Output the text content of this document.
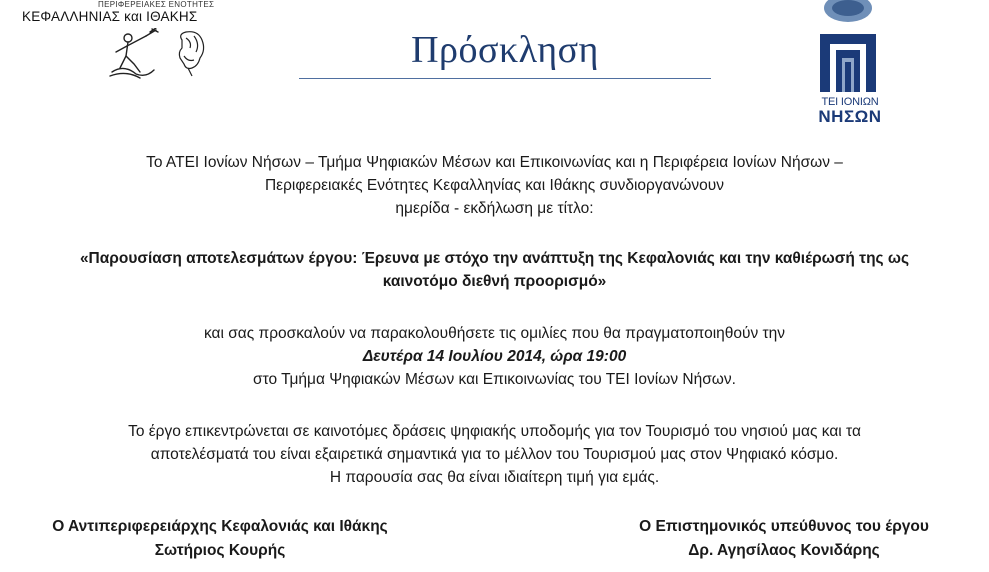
ΠΕΡΙΦΕΡΕΙΑΚΕΣ ΕΝΟΤΗΤΕΣ
ΚΕΦΑΛΛΗΝΙΑΣ και ΙΘΑΚΗΣ
Πρόσκληση
ΤΕΙ ΙΟΝΙΩΝ
ΝΗΣΩΝ
Το ΑΤΕΙ Ιονίων Νήσων – Τμήμα Ψηφιακών Μέσων και Επικοινωνίας και η Περιφέρεια Ιονίων Νήσων –
Περιφερειακές Ενότητες Κεφαλληνίας και Ιθάκης συνδιοργανώνουν
ημερίδα - εκδήλωση με τίτλο:
«Παρουσίαση αποτελεσμάτων έργου: Έρευνα με στόχο την ανάπτυξη της Κεφαλονιάς και την καθιέρωσή της ως
καινοτόμο διεθνή προορισμό»
και σας προσκαλούν να παρακολουθήσετε τις ομιλίες που θα πραγματοποιηθούν την
Δευτέρα 14 Ιουλίου 2014, ώρα 19:00
στο Τμήμα Ψηφιακών Μέσων και Επικοινωνίας του ΤΕΙ Ιονίων Νήσων.
Το έργο επικεντρώνεται σε καινοτόμες δράσεις ψηφιακής υποδομής για τον Τουρισμό του νησιού μας και τα
αποτελέσματά του είναι εξαιρετικά σημαντικά για το μέλλον του Τουρισμού μας στον Ψηφιακό κόσμο.
Η παρουσία σας θα είναι ιδιαίτερη τιμή για εμάς.
Ο Αντιπεριφερειάρχης Κεφαλονιάς και Ιθάκης
Σωτήριος Κουρής
Ο Επιστημονικός υπεύθυνος του έργου
Δρ. Αγησίλαος Κονιδάρης
